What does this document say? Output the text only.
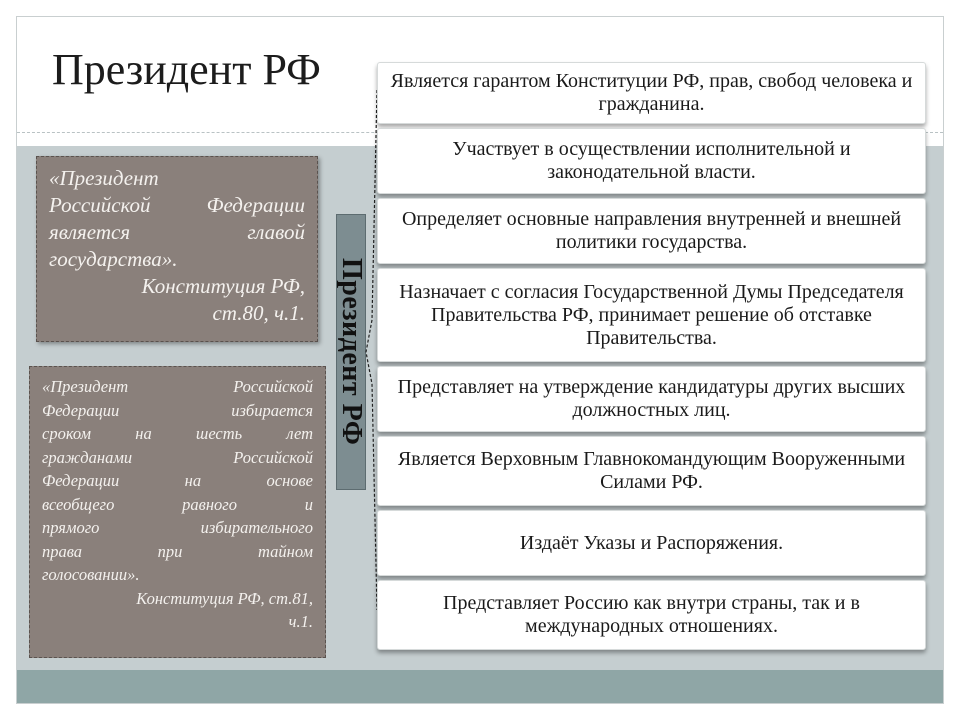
Президент РФ
«Президент
Российской Федерации
является главой
государства».
Конституция РФ,
ст.80, ч.1.
«Президент Российской
Федерации избирается
сроком на шесть лет
гражданами Российской
Федерации на основе
всеобщего равного и
прямого избирательного
права при тайном
голосовании».
Конституция РФ, ст.81,
ч.1.
Президент РФ
Является гарантом Конституции РФ, прав, свобод человека и гражданина.
Участвует в осуществлении исполнительной и законодательной власти.
Определяет основные направления внутренней и внешней политики государства.
Назначает с согласия Государственной Думы Председателя Правительства РФ, принимает решение об отставке Правительства.
Представляет на утверждение кандидатуры других высших должностных лиц.
Является Верховным Главнокомандующим Вооруженными Силами РФ.
Издаёт Указы и Распоряжения.
Представляет Россию как внутри страны, так и в международных отношениях.
